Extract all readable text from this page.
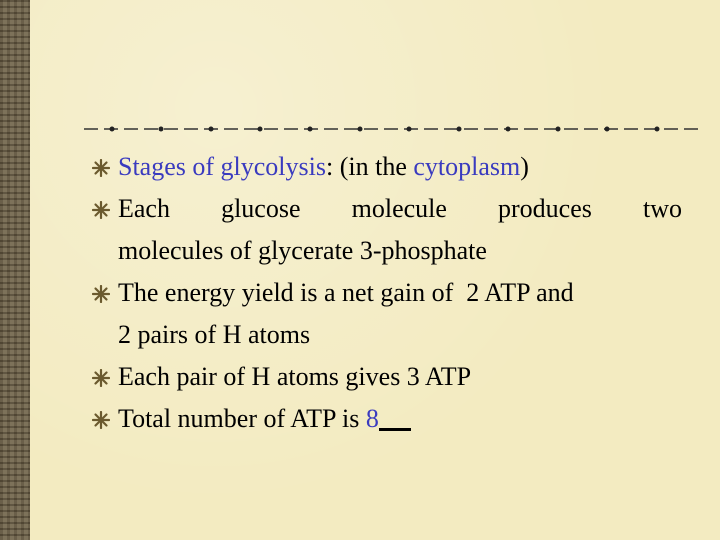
Stages of glycolysis: (in the cytoplasm)
Each glucose molecule produces two
molecules of glycerate 3-phosphate
The energy yield is a net gain of  2 ATP and
2 pairs of H atoms
Each pair of H atoms gives 3 ATP
Total number of ATP is 8
